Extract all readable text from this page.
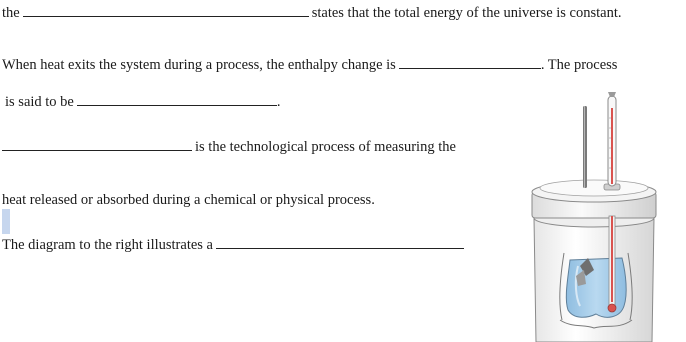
the	states that the total energy of the universe is constant.
When heat exits the system during a process, the enthalpy change is	. The process
is said to be	.
is the technological process of measuring the
heat released or absorbed during a chemical or physical process.
The diagram to the right illustrates a
